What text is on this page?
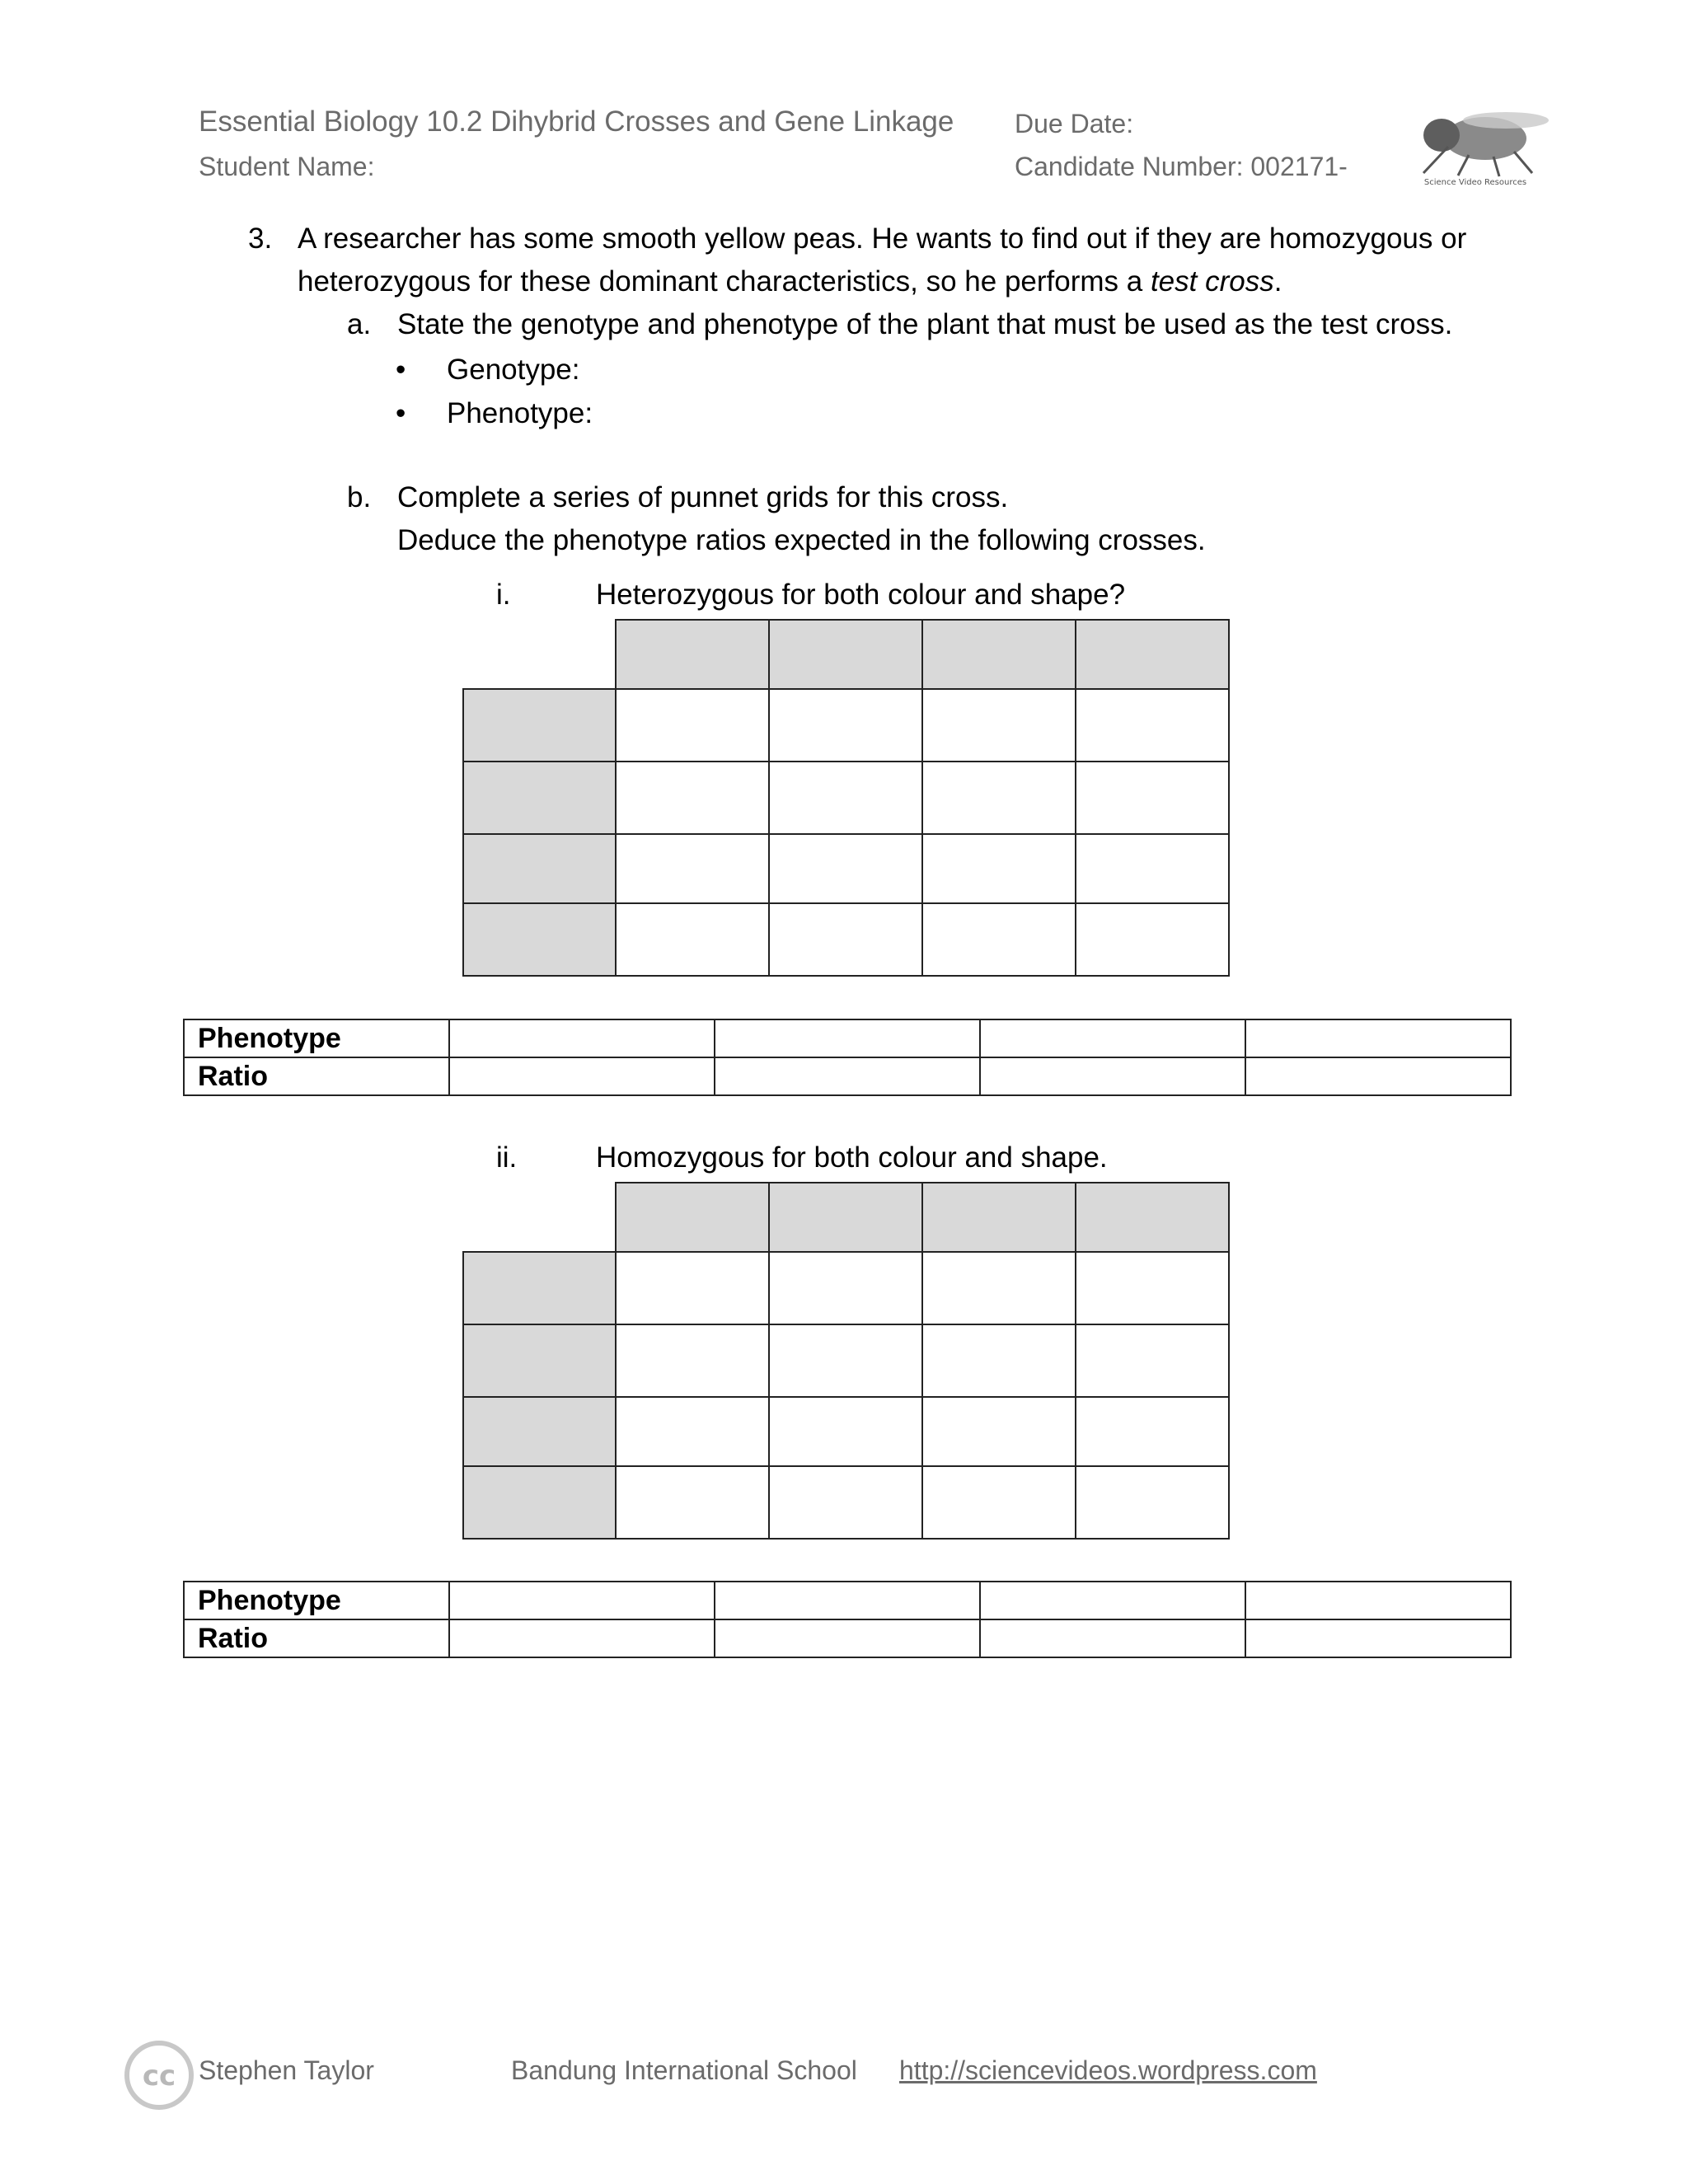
Essential Biology 10.2 Dihybrid Crosses and Gene Linkage Due Date:
Student Name:	Candidate Number: 002171-
Science Video Resources
3. A researcher has some smooth yellow peas. He wants to find out if they are homozygous or
heterozygous for these dominant characteristics, so he performs a test cross.
a. State the genotype and phenotype of the plant that must be used as the test cross.
• Genotype:
• Phenotype:
b. Complete a series of punnet grids for this cross.
Deduce the phenotype ratios expected in the following crosses.
i.	Heterozygous for both colour and shape?

Phenotype				
Ratio				
ii.	Homozygous for both colour and shape.

Phenotype				
Ratio				
cc Stephen Taylor	Bandung International School http://sciencevideos.wordpress.com
